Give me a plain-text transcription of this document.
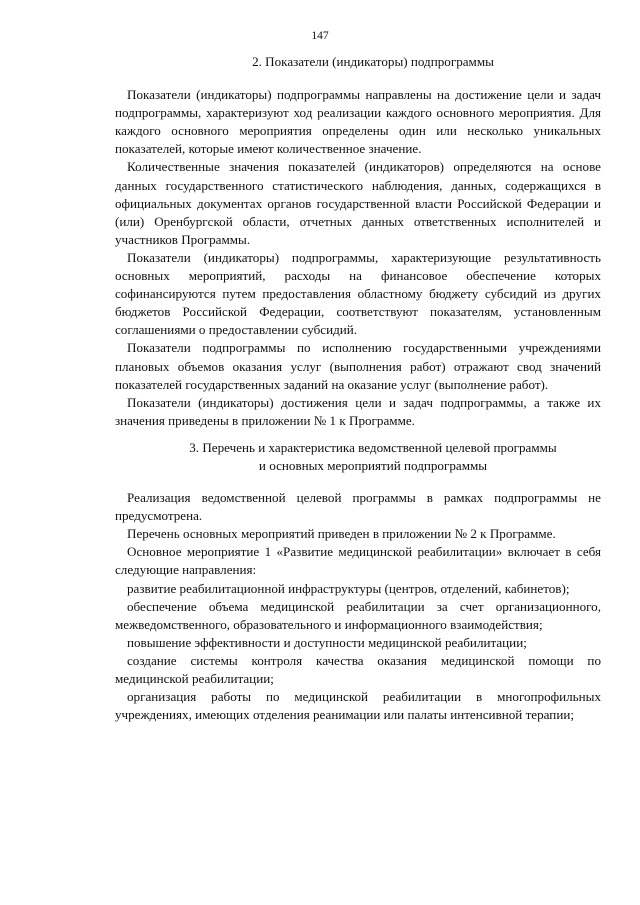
147

2. Показатели (индикаторы) подпрограммы

Показатели (индикаторы) подпрограммы направлены на достижение цели и задач подпрограммы, характеризуют ход реализации каждого основного мероприятия. Для каждого основного мероприятия определены один или несколько уникальных показателей, которые имеют количественное значение.

Количественные значения показателей (индикаторов) определяются на основе данных государственного статистического наблюдения, данных, содержащихся в официальных документах органов государственной власти Российской Федерации и (или) Оренбургской области, отчетных данных ответственных исполнителей и участников Программы.

Показатели (индикаторы) подпрограммы, характеризующие результативность основных мероприятий, расходы на финансовое обеспечение которых софинансируются путем предоставления областному бюджету субсидий из других бюджетов Российской Федерации, соответствуют показателям, установленным соглашениями о предоставлении субсидий.

Показатели подпрограммы по исполнению государственными учреждениями плановых объемов оказания услуг (выполнения работ) отражают свод значений показателей государственных заданий на оказание услуг (выполнение работ).

Показатели (индикаторы) достижения цели и задач подпрограммы, а также их значения приведены в приложении № 1 к Программе.

3. Перечень и характеристика ведомственной целевой программы
и основных мероприятий подпрограммы

Реализация ведомственной целевой программы в рамках подпрограммы не предусмотрена.

Перечень основных мероприятий приведен в приложении № 2 к Программе.

Основное мероприятие 1 «Развитие медицинской реабилитации» включает в себя следующие направления:

развитие реабилитационной инфраструктуры (центров, отделений, кабинетов);

обеспечение объема медицинской реабилитации за счет организационного, межведомственного, образовательного и информационного взаимодействия;

повышение эффективности и доступности медицинской реабилитации;

создание системы контроля качества оказания медицинской помощи по медицинской реабилитации;

организация работы по медицинской реабилитации в многопрофильных учреждениях, имеющих отделения реанимации или палаты интенсивной терапии;
